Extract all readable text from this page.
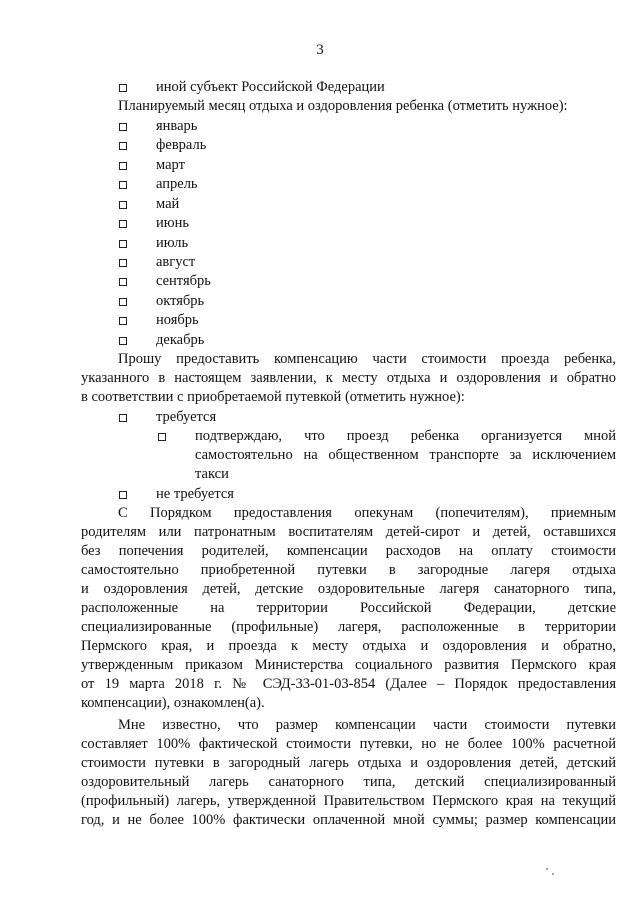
3
иной субъект Российской Федерации
Планируемый месяц отдыха и оздоровления ребенка (отметить нужное):
январь
февраль
март
апрель
май
июнь
июль
август
сентябрь
октябрь
ноябрь
декабрь
Прошу предоставить компенсацию части стоимости проезда ребенка,
указанного в настоящем заявлении, к месту отдыха и оздоровления и обратно
в соответствии с приобретаемой путевкой (отметить нужное):
требуется
подтверждаю, что проезд ребенка организуется мной
самостоятельно на общественном транспорте за исключением
такси
не требуется
С Порядком предоставления опекунам (попечителям), приемным
родителям или патронатным воспитателям детей-сирот и детей, оставшихся
без попечения родителей, компенсации расходов на оплату стоимости
самостоятельно приобретенной путевки в загородные лагеря отдыха
и оздоровления детей, детские оздоровительные лагеря санаторного типа,
расположенные на территории Российской Федерации, детские
специализированные (профильные) лагеря, расположенные в территории
Пермского края, и проезда к месту отдыха и оздоровления и обратно,
утвержденным приказом Министерства социального развития Пермского края
от 19 марта 2018 г. № СЭД-33-01-03-854 (Далее – Порядок предоставления
компенсации), ознакомлен(а).
Мне известно, что размер компенсации части стоимости путевки
составляет 100% фактической стоимости путевки, но не более 100% расчетной
стоимости путевки в загородный лагерь отдыха и оздоровления детей, детский
оздоровительный лагерь санаторного типа, детский специализированный
(профильный) лагерь, утвержденной Правительством Пермского края на текущий
год, и не более 100% фактически оплаченной мной суммы; размер компенсации
